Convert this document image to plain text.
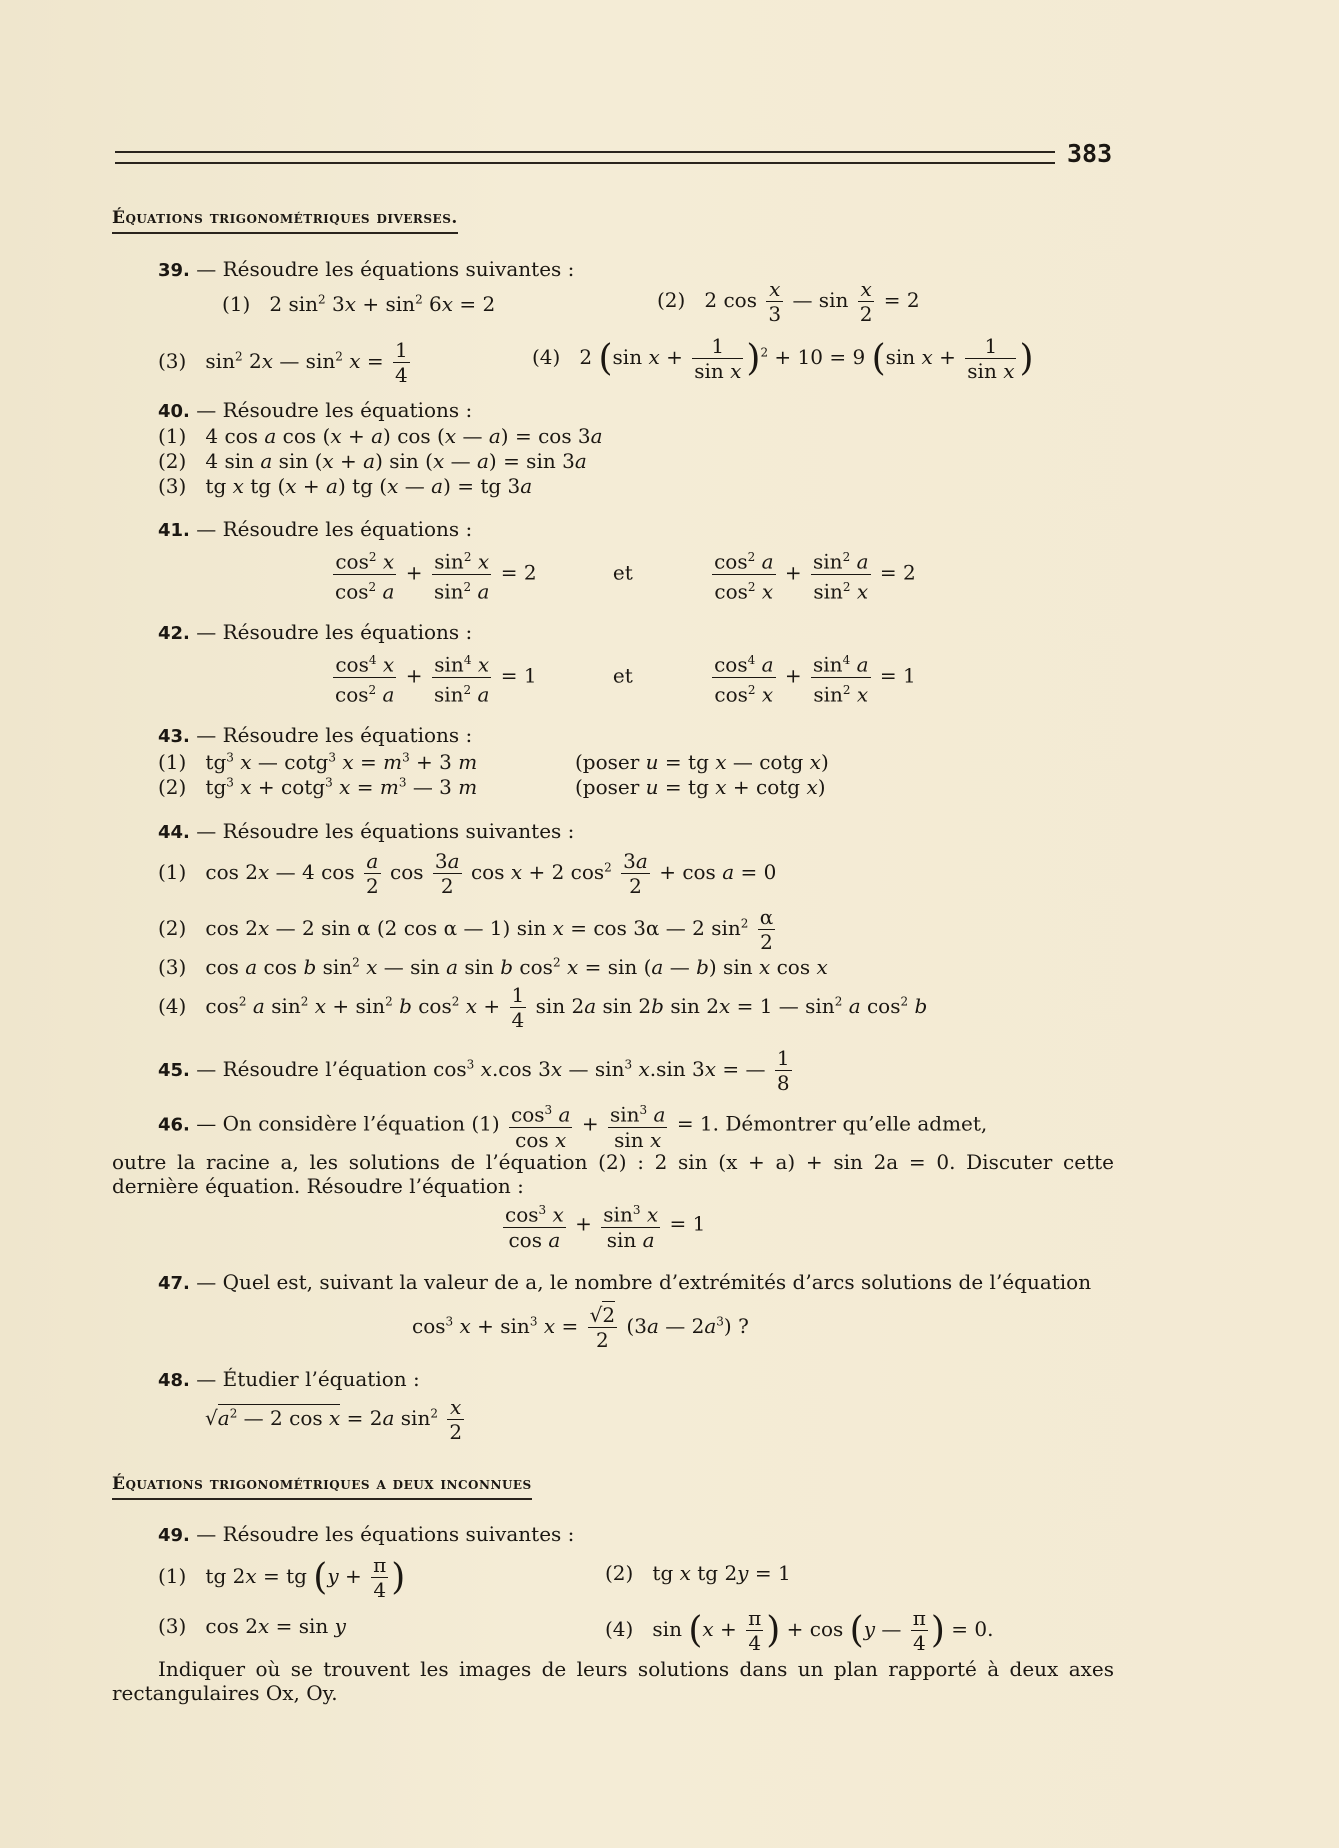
383
Équations trigonométriques diverses.
39. — Résoudre les équations suivantes :
(1)   2 $\sin^2 3x + \sin^2 6x = 2$	(2)   2 $\cos \frac{x}{3}$ — $\sin \frac{x}{2} = 2$
(3)   $\sin^2 2x$ — $\sin^2 x = \frac{1}{4}$	(4)   2 (sin $x + \frac{1}{\text{sin x}} )^2 + 10 = 9$ (sin $x + \frac{1}{\text{sin x}}$ )
40. — Résoudre les équations :
(1)   4 cos a cos (x + a) cos (x — a) = cos 3a
(2)   4 sin a sin (x + a) sin (x — a) = sin 3a
(3)   tg x tg (x + a) tg (x — a) = tg 3a
41. — Résoudre les équations :
$\frac{\cos^2 x}{\cos^2 a} + \frac{\sin^2 x}{\sin^2 a} = 2$            et $\frac{\cos^2 a}{\cos^2 x} + \frac{\sin^2 a}{\sin^2 x} = 2$
42. — Résoudre les équations :
$\frac{\cos^4 x}{\cos^2 a} + \frac{\sin^4 x}{\sin^2 a} = 1$            et $\frac{\cos^4 a}{\cos^2 x} + \frac{\sin^4 a}{\sin^2 x} = 1$
43. — Résoudre les équations :
(1)   $tg^3$ x — cotg$^3$ $x = m^3 + 3$ m	(poser u = tg x — cotg x)
(2)   $tg^3$ x + cotg$^3$ $x = m^3$ — 3 m	(poser u = tg x + cotg x)
44. — Résoudre les équations suivantes :
(1)   cos 2x — 4 $\cos \frac{a}{2}$ $\cos \frac{3a}{2}$ cos x + 2 $\cos^2 \frac{3a}{2} + \cos a = 0$
(2)   cos 2x — 2 sin α (2 cos α — 1) sin x = cos 3α — 2 $\sin^2 \frac{\alpha}{2}$
(3)   cos a cos b $\sin^2 x$ — sin a sin b $\cos^2 x = \sin (a$ — b) sin x cos x
(4)   $\cos^2 a$ $\sin^2 x + \sin^2 b$ $\cos^2 x + \frac{1}{4}$ sin 2a sin 2b sin 2x = 1 — $\sin^2 a$ $\cos^2 b$
45. — Résoudre l’équation $\cos^3 x.\cos$ 3x — $\sin^3 x.\sin$ 3x = — $\frac{1}{8}$
46. — On considère l’équation $(1) \frac{\cos^3 a}{\text{cos x}} + \frac{\sin^3 a}{\text{sin x}} = 1$. Démontrer qu’elle admet,
outre la racine a, les solutions de l’équation (2) : 2 sin (x + a) + sin 2a = 0. Discuter cette dernière équation. Résoudre l’équation :
$\frac{\cos^3 x}{\text{cos a}} + \frac{\sin^3 x}{\text{sin a}} = 1$
47. — Quel est, suivant la valeur de a, le nombre d’extrémités d’arcs solutions de l’équation
$\cos^3 x + \sin^3 x = \frac{√2}{2} (3a$ — $2a^3$) ?
48. — Étudier l’équation :
$√a^2$ — 2 cos x = 2a $\sin^2 \frac{x}{2}$
Équations trigonométriques a deux inconnues
49. — Résoudre les équations suivantes :
(1)   tg 2x = tg ($y + \frac{\pi}{4}$ )	(2)   tg x tg 2y = 1
(3)   cos 2x = sin y	(4)   $\sin (x + \frac{\pi}{4}$ ) + cos (y — $\frac{\pi}{4}$ ) = 0.
Indiquer où se trouvent les images de leurs solutions dans un plan rapporté à deux axes rectangulaires Ox, Oy.
